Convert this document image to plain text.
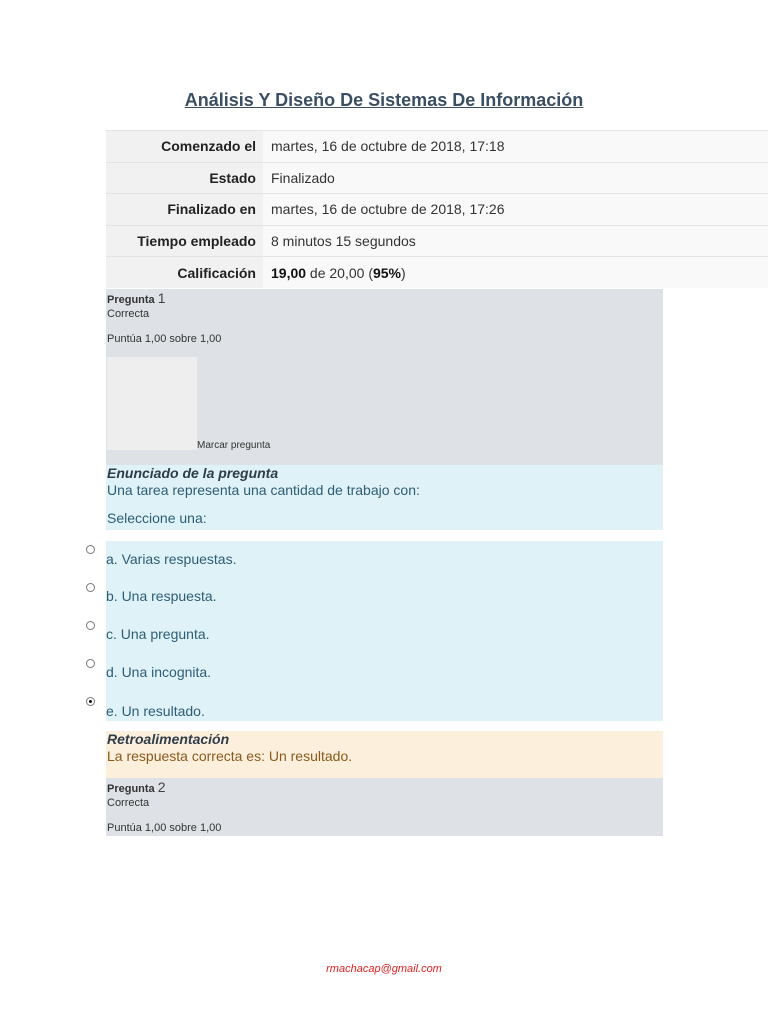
Análisis Y Diseño De Sistemas De Información
Comenzado el	martes, 16 de octubre de 2018, 17:18
Estado	Finalizado
Finalizado en	martes, 16 de octubre de 2018, 17:26
Tiempo empleado	8 minutos 15 segundos
Calificación	19,00 de 20,00 (95%)
Pregunta 1
Correcta
Puntúa 1,00 sobre 1,00
Marcar pregunta
Enunciado de la pregunta
Una tarea representa una cantidad de trabajo con:
Seleccione una:
a. Varias respuestas.
b. Una respuesta.
c. Una pregunta.
d. Una incognita.
e. Un resultado.
Retroalimentación
La respuesta correcta es: Un resultado.
Pregunta 2
Correcta
Puntúa 1,00 sobre 1,00
rmachacap@gmail.com
